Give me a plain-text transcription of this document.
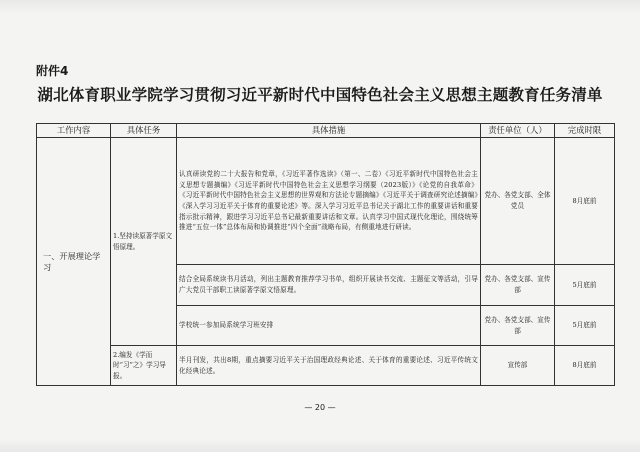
附件4
湖北体育职业学院学习贯彻习近平新时代中国特色社会主义思想主题教育任务清单
工作内容	具体任务	具体措施	责任单位（人）	完成时限
一、开展理论学习	1.坚持读原著学原文悟原理。	认真研读党的二十大报告和党章，《习近平著作选读》（第一、二卷）《习近平新时代中国特色社会主义思想专题摘编》《习近平新时代中国特色社会主义思想学习纲要（2023版）》《论党的自我革命》《习近平新时代中国特色社会主义思想的世界观和方法论专题摘编》《习近平关于调查研究论述摘编》《深入学习习近平关于体育的重要论述》等。深入学习习近平总书记关于湖北工作的重要讲话和重要指示批示精神，跟进学习习近平总书记最新重要讲话和文章。认真学习中国式现代化理论，围绕统筹推进“五位一体”总体布局和协调推进“四个全面”战略布局，有侧重地进行研读。	党办、各党支部、全体党员	8月底前
		结合全局系统读书月活动，列出主题教育推荐学习书单，组织开展读书交流、主题征文等活动，引导广大党员干部职工读原著学原文悟原理。	党办、各党支部、宣传部	5月底前
		学校统一参加局系统学习班安排	党办、各党支部、宣传部	5月底前
	2.编发《学而时“习”之》学习导报。	半月刊发，共出8期，重点摘要习近平关于治国理政经典论述、关于体育的重要论述、习近平传统文化经典论述。	宣传部	8月底前
— 20 —
